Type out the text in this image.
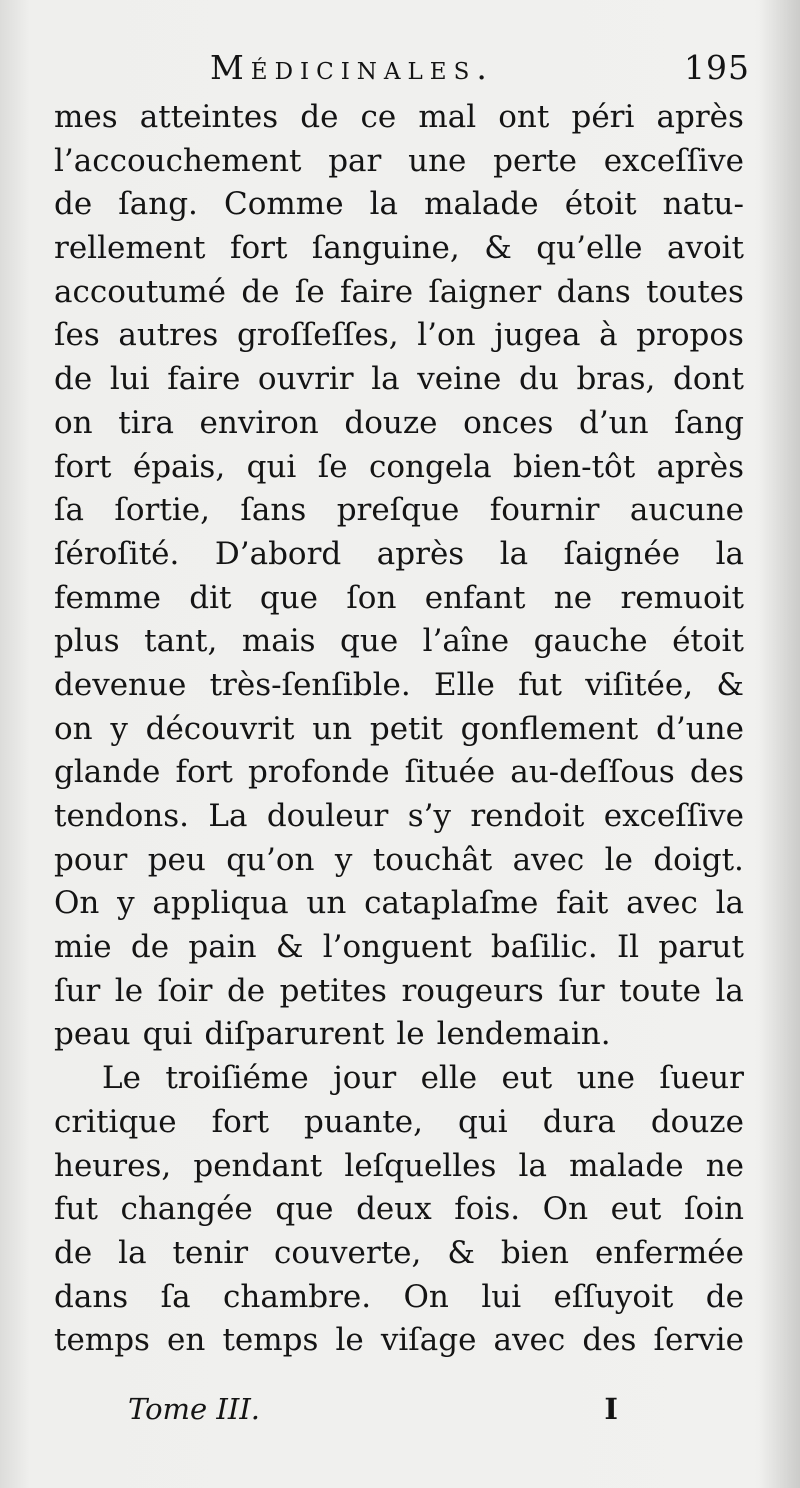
Médicinales.	195
mes atteintes de ce mal ont péri après
l’accouchement par une perte exceſſive
de ſang. Comme la malade étoit natu-
rellement fort ſanguine, & qu’elle avoit
accoutumé de ſe faire ſaigner dans toutes
ſes autres groſſeſſes, l’on jugea à propos
de lui faire ouvrir la veine du bras, dont
on tira environ douze onces d’un ſang
fort épais, qui ſe congela bien-tôt après
ſa ſortie, ſans preſque fournir aucune
ſéroſité. D’abord après la ſaignée la
femme dit que ſon enfant ne remuoit
plus tant, mais que l’aîne gauche étoit
devenue très-ſenſible. Elle fut viſitée, &
on y découvrit un petit gonflement d’une
glande fort profonde ſituée au-deſſous des
tendons. La douleur s’y rendoit exceſſive
pour peu qu’on y touchât avec le doigt.
On y appliqua un cataplaſme fait avec la
mie de pain & l’onguent baſilic. Il parut
ſur le ſoir de petites rougeurs ſur toute la
peau qui diſparurent le lendemain.
Le troiſiéme jour elle eut une ſueur
critique fort puante, qui dura douze
heures, pendant leſquelles la malade ne
fut changée que deux fois. On eut ſoin
de la tenir couverte, & bien enfermée
dans ſa chambre. On lui eſſuyoit de
temps en temps le viſage avec des ſervie
Tome III.	I
